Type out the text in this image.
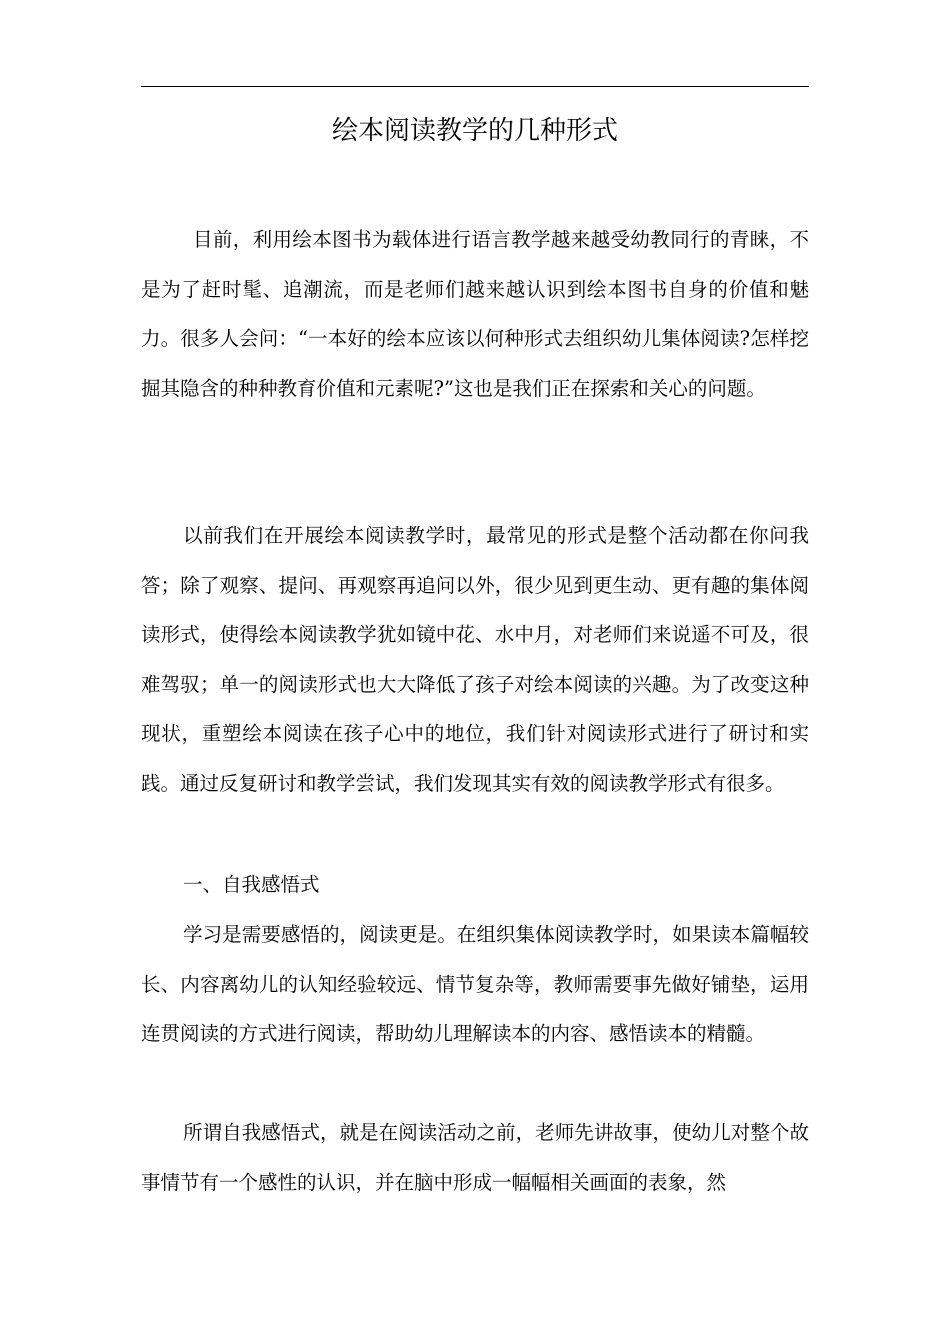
绘本阅读教学的几种形式

目前，利用绘本图书为载体进行语言教学越来越受幼教同行的青睐，不是为了赶时髦、追潮流，而是老师们越来越认识到绘本图书自身的价值和魅力。很多人会问：“一本好的绘本应该以何种形式去组织幼儿集体阅读?怎样挖掘其隐含的种种教育价值和元素呢?”这也是我们正在探索和关心的问题。

以前我们在开展绘本阅读教学时，最常见的形式是整个活动都在你问我答；除了观察、提问、再观察再追问以外，很少见到更生动、更有趣的集体阅读形式，使得绘本阅读教学犹如镜中花、水中月，对老师们来说遥不可及，很难驾驭；单一的阅读形式也大大降低了孩子对绘本阅读的兴趣。为了改变这种现状，重塑绘本阅读在孩子心中的地位，我们针对阅读形式进行了研讨和实践。通过反复研讨和教学尝试，我们发现其实有效的阅读教学形式有很多。

一、自我感悟式

学习是需要感悟的，阅读更是。在组织集体阅读教学时，如果读本篇幅较长、内容离幼儿的认知经验较远、情节复杂等，教师需要事先做好铺垫，运用连贯阅读的方式进行阅读，帮助幼儿理解读本的内容、感悟读本的精髓。

所谓自我感悟式，就是在阅读活动之前，老师先讲故事，使幼儿对整个故事情节有一个感性的认识，并在脑中形成一幅幅相关画面的表象，然
